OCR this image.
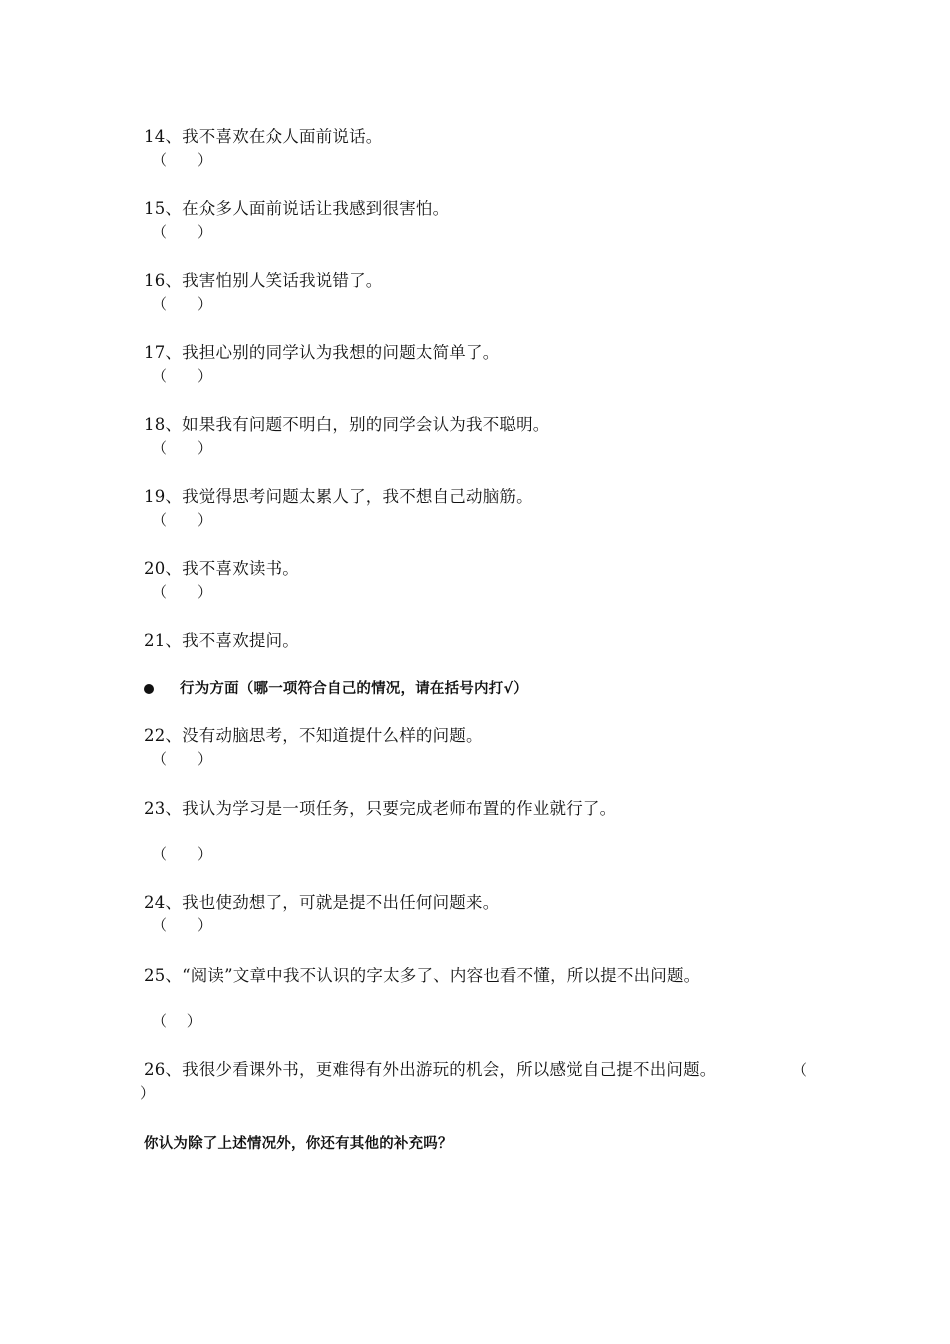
14、我不喜欢在众人面前说话。
（　　）
15、在众多人面前说话让我感到很害怕。
（　　）
16、我害怕别人笑话我说错了。
（　　）
17、我担心别的同学认为我想的问题太简单了。
（　　）
18、如果我有问题不明白，别的同学会认为我不聪明。
（　　）
19、我觉得思考问题太累人了，我不想自己动脑筋。
（　　）
20、我不喜欢读书。
（　　）
21、我不喜欢提问。
行为方面（哪一项符合自己的情况，请在括号内打√）
22、没有动脑思考，不知道提什么样的问题。
（　　）
23、我认为学习是一项任务，只要完成老师布置的作业就行了。
（　　）
24、我也使劲想了，可就是提不出任何问题来。
（　　）
25、“阅读”文章中我不认识的字太多了、内容也看不懂，所以提不出问题。
（　 ）
26、我很少看课外书，更难得有外出游玩的机会，所以感觉自己提不出问题。	（
）
你认为除了上述情况外，你还有其他的补充吗？
